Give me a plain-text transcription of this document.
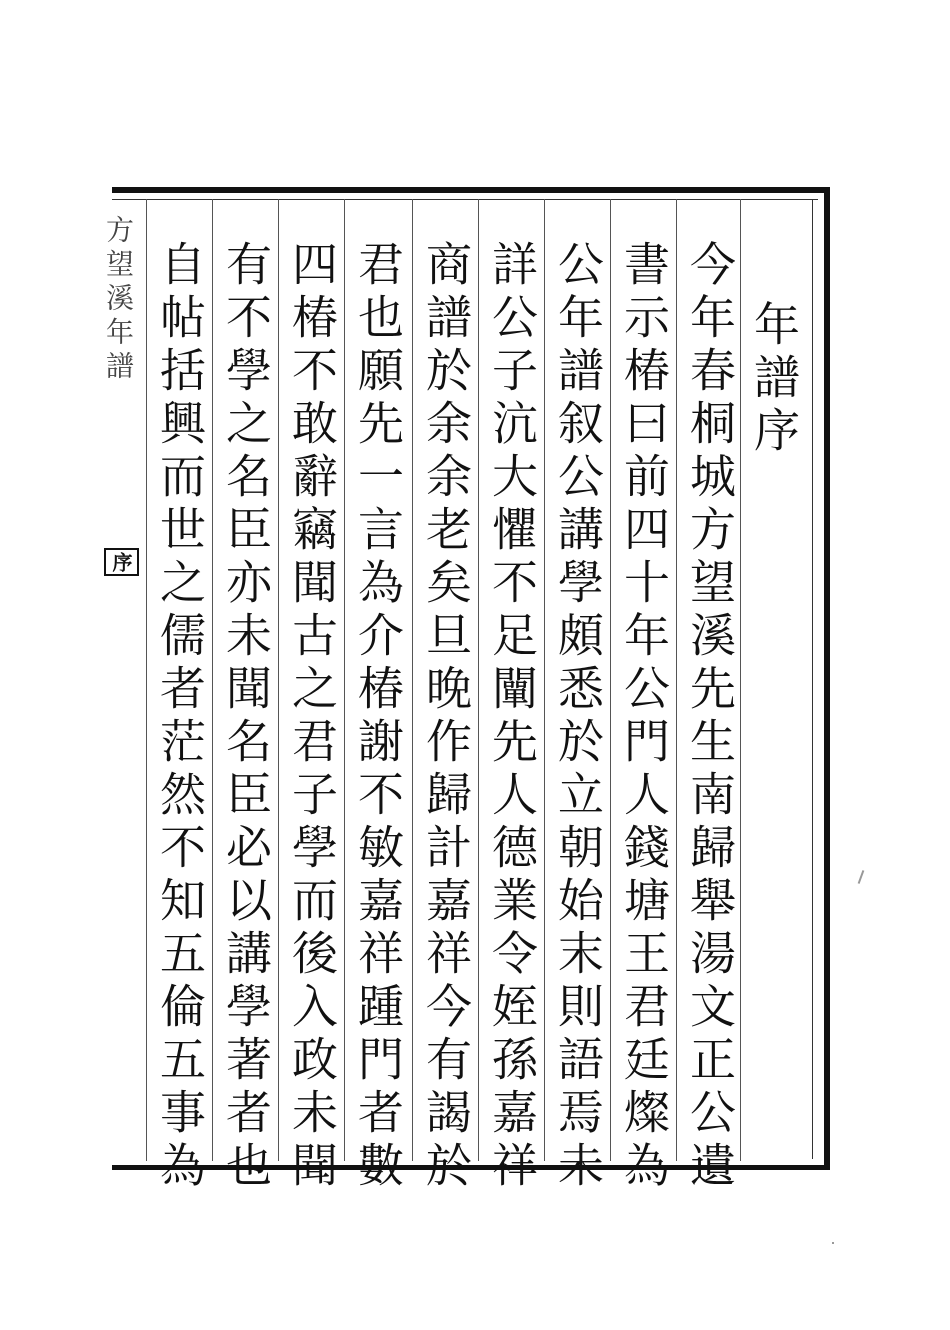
方望溪年譜
序
年譜序
今年春桐城方望溪先生南歸舉湯文正公遺
書示椿曰前四十年公門人錢塘王君廷燦為
公年譜叙公講學頗悉於立朝始末則語焉未
詳公子沆大懼不足闡先人德業令姪孫嘉祥
商譜於余余老矣旦晚作歸計嘉祥今有謁於
君也願先一言為介椿謝不敏嘉祥踵門者數
四椿不敢辭竊聞古之君子學而後入政未聞
有不學之名臣亦未聞名臣必以講學著者也
自帖括興而世之儒者茫然不知五倫五事為
